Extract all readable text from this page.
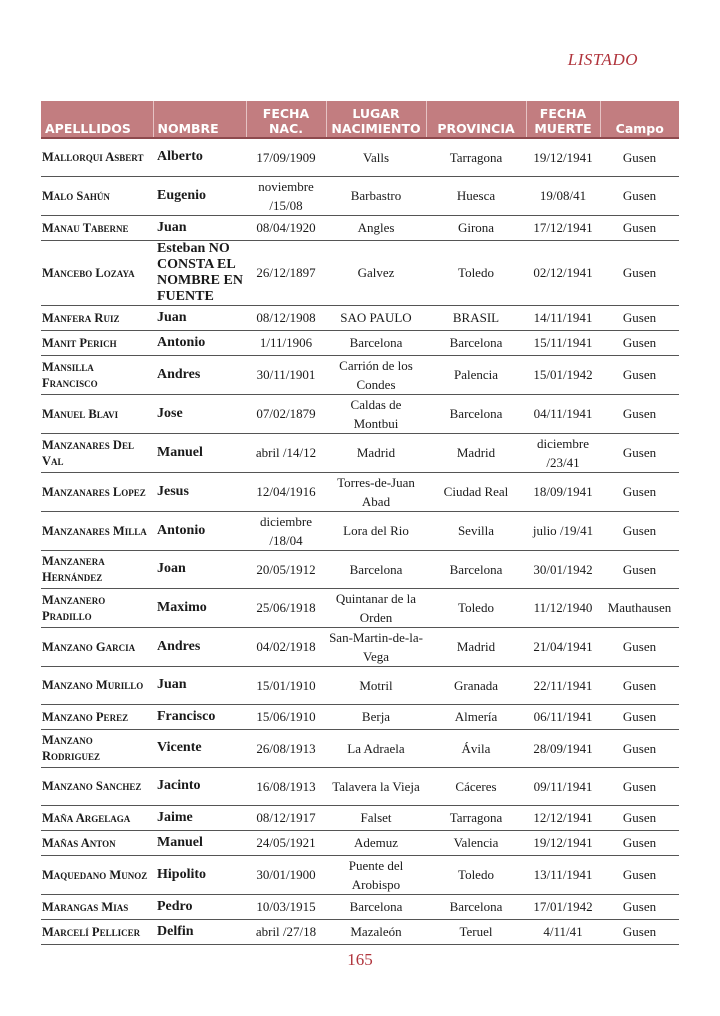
LISTADO
APELLLIDOS	NOMBRE	FECHA NAC.	LUGAR NACIMIENTO	PROVINCIA	FECHA MUERTE	Campo
Mallorqui Asbert	Alberto	17/09/1909	Valls	Tarragona	19/12/1941	Gusen
Malo Sahún	Eugenio	noviembre /15/08	Barbastro	Huesca	19/08/41	Gusen
Manau Taberne	Juan	08/04/1920	Angles	Girona	17/12/1941	Gusen
Mancebo Lozaya	Esteban NO CONSTA EL NOMBRE EN FUENTE	26/12/1897	Galvez	Toledo	02/12/1941	Gusen
Manfera Ruiz	Juan	08/12/1908	SAO PAULO	BRASIL	14/11/1941	Gusen
Manit Perich	Antonio	1/11/1906	Barcelona	Barcelona	15/11/1941	Gusen
Mansilla Francisco	Andres	30/11/1901	Carrión de los Condes	Palencia	15/01/1942	Gusen
Manuel Blavi	Jose	07/02/1879	Caldas de Montbui	Barcelona	04/11/1941	Gusen
Manzanares Del Val	Manuel	abril /14/12	Madrid	Madrid	diciembre /23/41	Gusen
Manzanares Lopez	Jesus	12/04/1916	Torres-de-Juan Abad	Ciudad Real	18/09/1941	Gusen
Manzanares Milla	Antonio	diciembre /18/04	Lora del Rio	Sevilla	julio /19/41	Gusen
Manzanera Hernández	Joan	20/05/1912	Barcelona	Barcelona	30/01/1942	Gusen
Manzanero Pradillo	Maximo	25/06/1918	Quintanar de la Orden	Toledo	11/12/1940	Mauthausen
Manzano Garcia	Andres	04/02/1918	San-Martin-de-la-Vega	Madrid	21/04/1941	Gusen
Manzano Murillo	Juan	15/01/1910	Motril	Granada	22/11/1941	Gusen
Manzano Perez	Francisco	15/06/1910	Berja	Almería	06/11/1941	Gusen
Manzano Rodriguez	Vicente	26/08/1913	La Adraela	Ávila	28/09/1941	Gusen
Manzano Sanchez	Jacinto	16/08/1913	Talavera la Vieja	Cáceres	09/11/1941	Gusen
Maña Argelaga	Jaime	08/12/1917	Falset	Tarragona	12/12/1941	Gusen
Mañas Anton	Manuel	24/05/1921	Ademuz	Valencia	19/12/1941	Gusen
Maquedano Munoz	Hipolito	30/01/1900	Puente del Arobispo	Toledo	13/11/1941	Gusen
Marangas Mias	Pedro	10/03/1915	Barcelona	Barcelona	17/01/1942	Gusen
Marcelí Pellicer	Delfin	abril /27/18	Mazaleón	Teruel	4/11/41	Gusen
165
